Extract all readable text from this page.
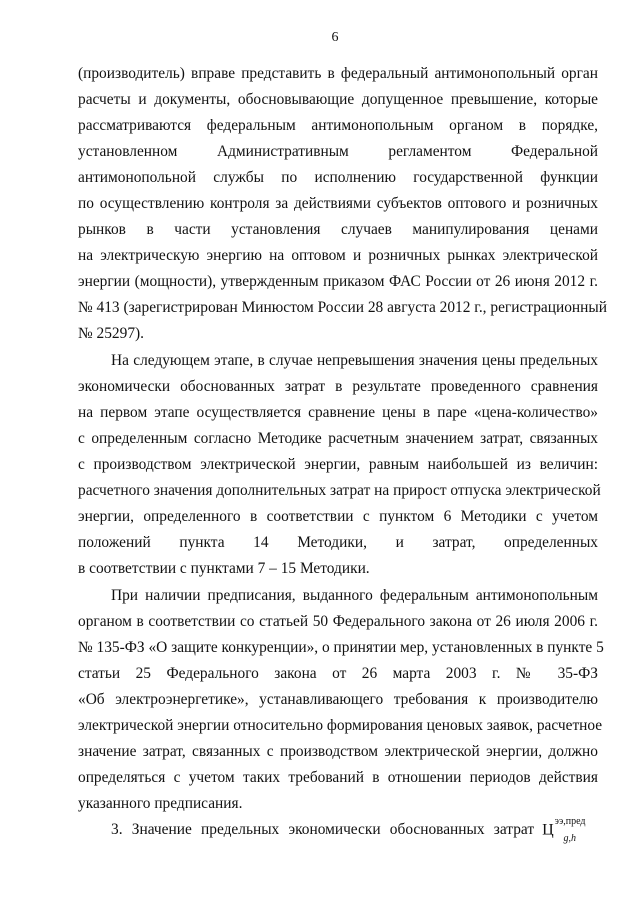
6
(производитель) вправе представить в федеральный антимонопольный орган
расчеты и документы, обосновывающие допущенное превышение, которые
рассматриваются федеральным антимонопольным органом в порядке,
установленном Административным регламентом Федеральной
антимонопольной службы по исполнению государственной функции
по осуществлению контроля за действиями субъектов оптового и розничных
рынков в части установления случаев манипулирования ценами
на электрическую энергию на оптовом и розничных рынках электрической
энергии (мощности), утвержденным приказом ФАС России от 26 июня 2012 г.
№ 413 (зарегистрирован Минюстом России 28 августа 2012 г., регистрационный
№ 25297).
На следующем этапе, в случае непревышения значения цены предельных
экономически обоснованных затрат в результате проведенного сравнения
на первом этапе осуществляется сравнение цены в паре «цена-количество»
с определенным согласно Методике расчетным значением затрат, связанных
с производством электрической энергии, равным наибольшей из величин:
расчетного значения дополнительных затрат на прирост отпуска электрической
энергии, определенного в соответствии с пунктом 6 Методики с учетом
положений пункта 14 Методики, и затрат, определенных
в соответствии с пунктами 7 – 15 Методики.
При наличии предписания, выданного федеральным антимонопольным
органом в соответствии со статьей 50 Федерального закона от 26 июля 2006 г.
№ 135-ФЗ «О защите конкуренции», о принятии мер, установленных в пункте 5
статьи 25 Федерального закона от 26 марта 2003 г. № 35-ФЗ
«Об электроэнергетике», устанавливающего требования к производителю
электрической энергии относительно формирования ценовых заявок, расчетное
значение затрат, связанных с производством электрической энергии, должно
определяться с учетом таких требований в отношении периодов действия
указанного предписания.
3. Значение предельных экономически обоснованных затрат $Ц^{ээ,пред}_{g,h}$
